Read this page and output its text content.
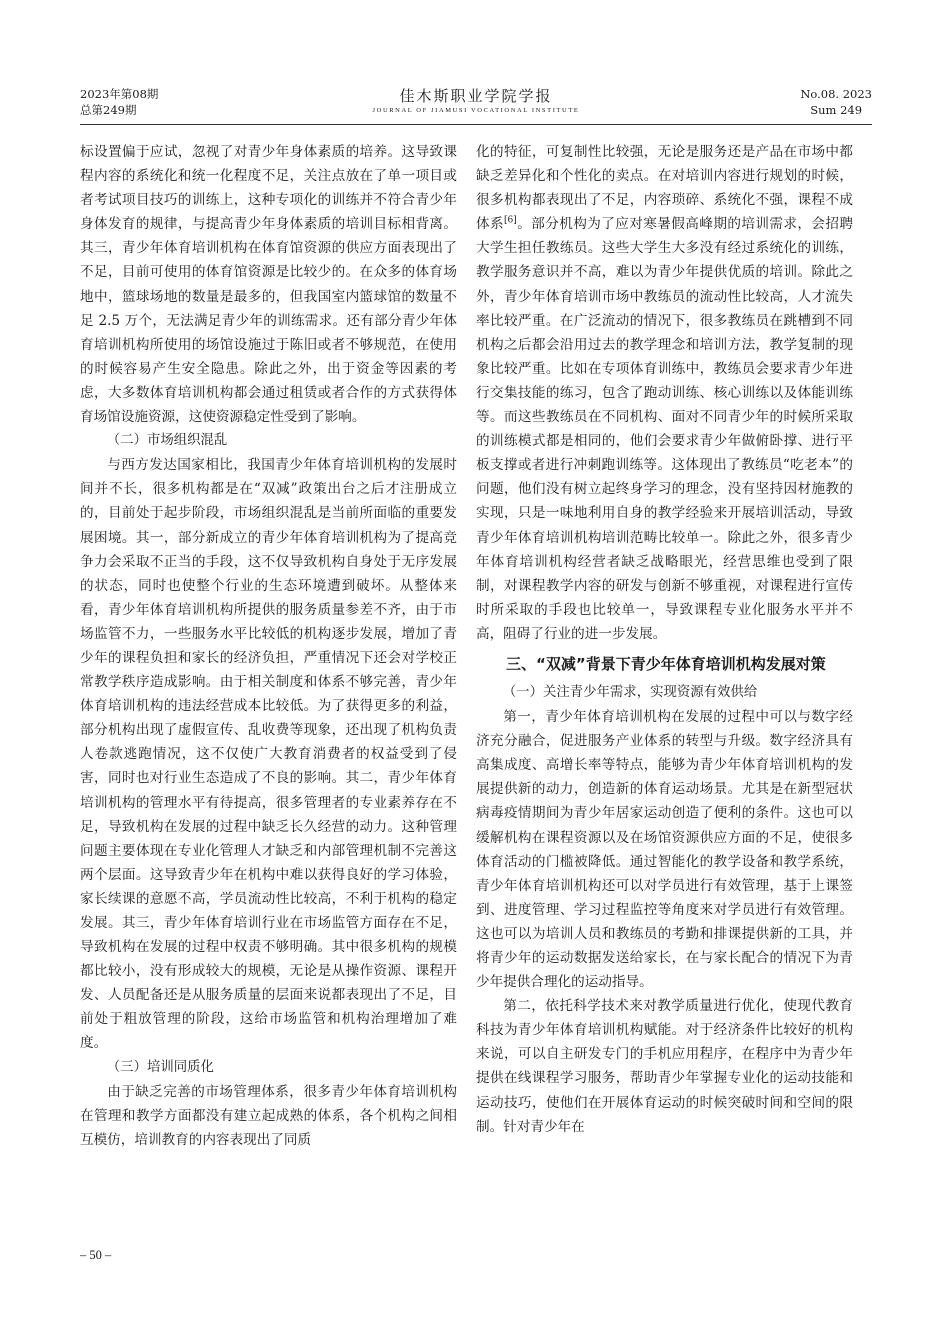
2023年第08期
总第249期
佳木斯职业学院学报
JOURNAL OF JIAMUSI VOCATIONAL INSTITUTE
No.08. 2023
Sum 249

标设置偏于应试，忽视了对青少年身体素质的培养。这导致课程内容的系统化和统一化程度不足，关注点放在了单一项目或者考试项目技巧的训练上，这种专项化的训练并不符合青少年身体发育的规律，与提高青少年身体素质的培训目标相背离。其三，青少年体育培训机构在体育馆资源的供应方面表现出了不足，目前可使用的体育馆资源是比较少的。在众多的体育场地中，篮球场地的数量是最多的，但我国室内篮球馆的数量不足 2.5 万个，无法满足青少年的训练需求。还有部分青少年体育培训机构所使用的场馆设施过于陈旧或者不够规范，在使用的时候容易产生安全隐患。除此之外，出于资金等因素的考虑，大多数体育培训机构都会通过租赁或者合作的方式获得体育场馆设施资源，这使资源稳定性受到了影响。

（二）市场组织混乱

与西方发达国家相比，我国青少年体育培训机构的发展时间并不长，很多机构都是在“双减”政策出台之后才注册成立的，目前处于起步阶段，市场组织混乱是当前所面临的重要发展困境。其一，部分新成立的青少年体育培训机构为了提高竞争力会采取不正当的手段，这不仅导致机构自身处于无序发展的状态，同时也使整个行业的生态环境遭到破坏。从整体来看，青少年体育培训机构所提供的服务质量参差不齐，由于市场监管不力，一些服务水平比较低的机构逐步发展，增加了青少年的课程负担和家长的经济负担，严重情况下还会对学校正常教学秩序造成影响。由于相关制度和体系不够完善，青少年体育培训机构的违法经营成本比较低。为了获得更多的利益，部分机构出现了虚假宣传、乱收费等现象，还出现了机构负责人卷款逃跑情况，这不仅使广大教育消费者的权益受到了侵害，同时也对行业生态造成了不良的影响。其二，青少年体育培训机构的管理水平有待提高，很多管理者的专业素养存在不足，导致机构在发展的过程中缺乏长久经营的动力。这种管理问题主要体现在专业化管理人才缺乏和内部管理机制不完善这两个层面。这导致青少年在机构中难以获得良好的学习体验，家长续课的意愿不高，学员流动性比较高，不利于机构的稳定发展。其三，青少年体育培训行业在市场监管方面存在不足，导致机构在发展的过程中权责不够明确。其中很多机构的规模都比较小，没有形成较大的规模，无论是从操作资源、课程开发、人员配备还是从服务质量的层面来说都表现出了不足，目前处于粗放管理的阶段，这给市场监管和机构治理增加了难度。

（三）培训同质化

由于缺乏完善的市场管理体系，很多青少年体育培训机构在管理和教学方面都没有建立起成熟的体系，各个机构之间相互模仿，培训教育的内容表现出了同质

化的特征，可复制性比较强，无论是服务还是产品在市场中都缺乏差异化和个性化的卖点。在对培训内容进行规划的时候，很多机构都表现出了不足，内容琐碎、系统化不强，课程不成体系[6]。部分机构为了应对寒暑假高峰期的培训需求，会招聘大学生担任教练员。这些大学生大多没有经过系统化的训练，教学服务意识并不高，难以为青少年提供优质的培训。除此之外，青少年体育培训市场中教练员的流动性比较高，人才流失率比较严重。在广泛流动的情况下，很多教练员在跳槽到不同机构之后都会沿用过去的教学理念和培训方法，教学复制的现象比较严重。比如在专项体育训练中，教练员会要求青少年进行交集技能的练习，包含了跑动训练、核心训练以及体能训练等。而这些教练员在不同机构、面对不同青少年的时候所采取的训练模式都是相同的，他们会要求青少年做俯卧撑、进行平板支撑或者进行冲刺跑训练等。这体现出了教练员“吃老本”的问题，他们没有树立起终身学习的理念，没有坚持因材施教的实现，只是一味地利用自身的教学经验来开展培训活动，导致青少年体育培训机构培训范畴比较单一。除此之外，很多青少年体育培训机构经营者缺乏战略眼光，经营思维也受到了限制，对课程教学内容的研发与创新不够重视，对课程进行宣传时所采取的手段也比较单一，导致课程专业化服务水平并不高，阻碍了行业的进一步发展。

三、“双减”背景下青少年体育培训机构发展对策

（一）关注青少年需求，实现资源有效供给

第一，青少年体育培训机构在发展的过程中可以与数字经济充分融合，促进服务产业体系的转型与升级。数字经济具有高集成度、高增长率等特点，能够为青少年体育培训机构的发展提供新的动力，创造新的体育运动场景。尤其是在新型冠状病毒疫情期间为青少年居家运动创造了便利的条件。这也可以缓解机构在课程资源以及在场馆资源供应方面的不足，使很多体育活动的门槛被降低。通过智能化的教学设备和教学系统，青少年体育培训机构还可以对学员进行有效管理，基于上课签到、进度管理、学习过程监控等角度来对学员进行有效管理。这也可以为培训人员和教练员的考勤和排课提供新的工具，并将青少年的运动数据发送给家长，在与家长配合的情况下为青少年提供合理化的运动指导。

第二，依托科学技术来对教学质量进行优化，使现代教育科技为青少年体育培训机构赋能。对于经济条件比较好的机构来说，可以自主研发专门的手机应用程序，在程序中为青少年提供在线课程学习服务，帮助青少年掌握专业化的运动技能和运动技巧，使他们在开展体育运动的时候突破时间和空间的限制。针对青少年在

– 50 –
